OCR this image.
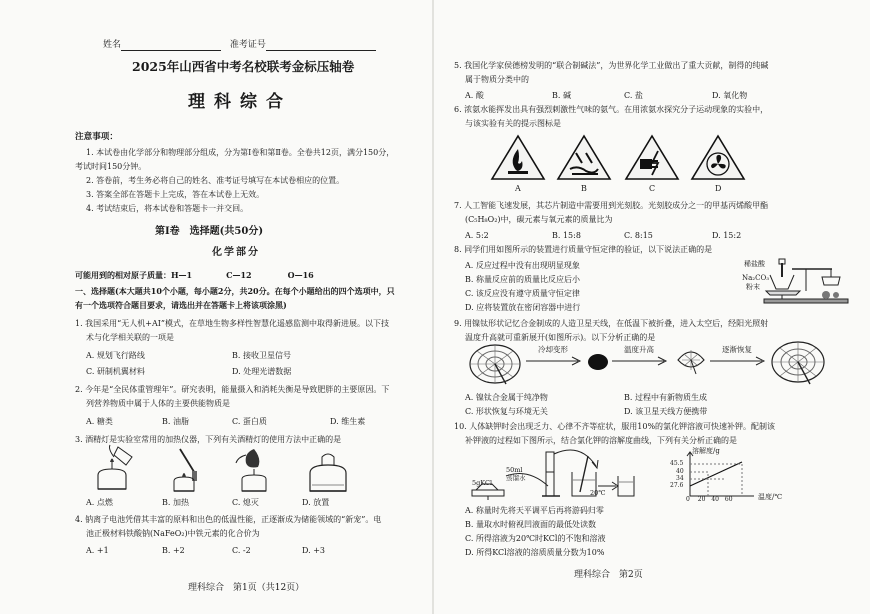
姓名	准考证号
2025年山西省中考名校联考金标压轴卷
理科综合
注意事项：
1. 本试卷由化学部分和物理部分组成，分为第Ⅰ卷和第Ⅱ卷。全卷共12页，满分150分，
考试时间150分钟。
2. 答卷前，考生务必将自己的姓名、准考证号填写在本试卷相应的位置。
3. 答案全部在答题卡上完成，答在本试卷上无效。
4. 考试结束后，将本试卷和答题卡一并交回。
第Ⅰ卷　选择题(共50分)
化学部分
可能用到的相对原子质量：H—1	C—12	O—16
一、选择题(本大题共10个小题，每小题2分，共20分。在每个小题给出的四个选项中，只
有一个选项符合题目要求，请选出并在答题卡上将该项涂黑)
1. 我国采用“无人机+AI”模式，在草地生物多样性智慧化遥感监测中取得新进展。以下技
术与化学相关联的一项是
A. 规划飞行路线	B. 接收卫星信号
C. 研制机翼材料	D. 处理光谱数据
2. 今年是“全民体重管理年”。研究表明，能量摄入和消耗失衡是导致肥胖的主要原因。下
列营养物质中属于人体的主要供能物质是
A. 糖类	B. 油脂	C. 蛋白质	D. 维生素
3. 酒精灯是实验室常用的加热仪器，下列有关酒精灯的使用方法中正确的是
A. 点燃	B. 加热	C. 熄灭	D. 放置
4. 钠离子电池凭借其丰富的原料和出色的低温性能，正逐渐成为储能领域的“新宠”。电
池正极材料铁酸钠(NaFeO₂)中铁元素的化合价为
A. +1	B. +2	C. -2	D. +3
理科综合　第1页（共12页）
5. 我国化学家侯德榜发明的“联合制碱法”，为世界化学工业做出了重大贡献，制得的纯碱
属于物质分类中的
A. 酸	B. 碱	C. 盐	D. 氧化物
6. 浓氨水能挥发出具有强烈刺激性气味的氨气。在用浓氨水探究分子运动现象的实验中，
与该实验有关的提示图标是
A	B	C	D
7. 人工智能飞速发展，其芯片制造中需要用到光刻胶。光刻胶成分之一的甲基丙烯酸甲酯
(C₅H₈O₂)中，碳元素与氧元素的质量比为
A. 5:2	B. 15:8	C. 8:15	D. 15:2
8. 同学们用如图所示的装置进行质量守恒定律的验证，以下说法正确的是
A. 反应过程中没有出现明显现象
B. 称量反应前的质量比反应后小
C. 该反应没有遵守质量守恒定律
D. 应将装置放在密闭容器中进行
稀盐酸
Na₂CO₃
粉末
9. 用镍钛形状记忆合金制成的人造卫星天线，在低温下被折叠，进入太空后，经阳光照射
温度升高就可重新展开(如图所示)。以下分析正确的是
冷却变形	温度升高	逐渐恢复
A. 镍钛合金属于纯净物	B. 过程中有新物质生成
C. 形状恢复与环境无关	D. 该卫星天线方便携带
10. 人体缺钾时会出现乏力、心律不齐等症状，服用10%的氯化钾溶液可快速补钾。配制该
补钾液的过程如下图所示，结合氯化钾的溶解度曲线，下列有关分析正确的是
50ml
蒸馏水
5gKCl
20℃
溶解度/g
45.5
40
34
27.6
0 20 40 60	温度/℃
A. 称量时先将天平调平后再将游码归零
B. 量取水时俯视凹液面的最低处读数
C. 所得溶液为20℃时KCl的不饱和溶液
D. 所得KCl溶液的溶质质量分数为10%
理科综合　第2页
